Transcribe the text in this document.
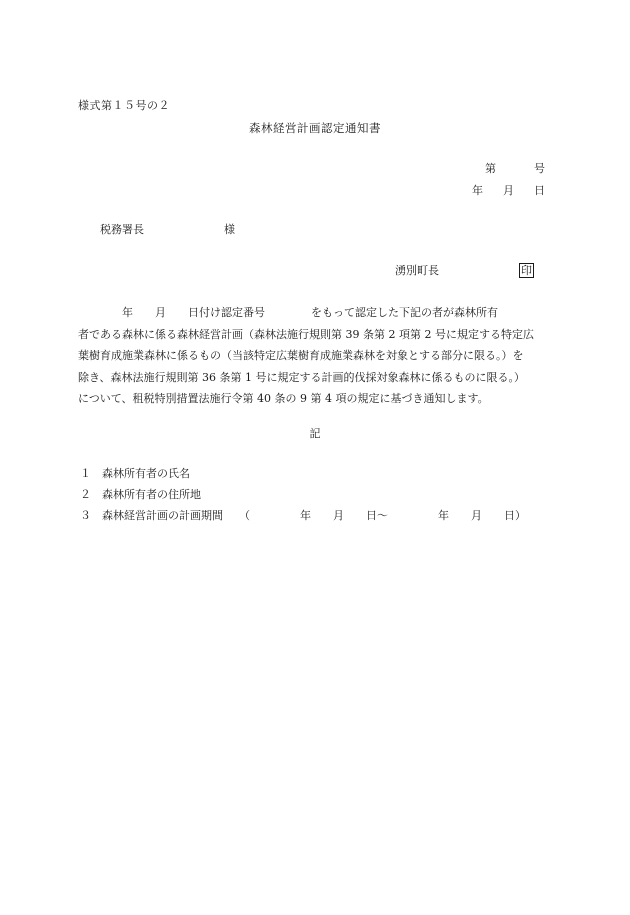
様式第１５号の２
森林経営計画認定通知書
第	号
年 月 日
税務署長	様
湧別町長	印
年 月 日付け認定番号	をもって認定した下記の者が森林所有
者である森林に係る森林経営計画（森林法施行規則第 39 条第 2 項第 2 号に規定する特定広
葉樹育成施業森林に係るもの（当該特定広葉樹育成施業森林を対象とする部分に限る。）を
除き、森林法施行規則第 36 条第 1 号に規定する計画的伐採対象森林に係るものに限る。）
について、租税特別措置法施行令第 40 条の 9 第 4 項の規定に基づき通知します。
記
１ 森林所有者の氏名
２ 森林所有者の住所地
３ 森林経営計画の計画期間 （	年 月 日～	年 月 日）
